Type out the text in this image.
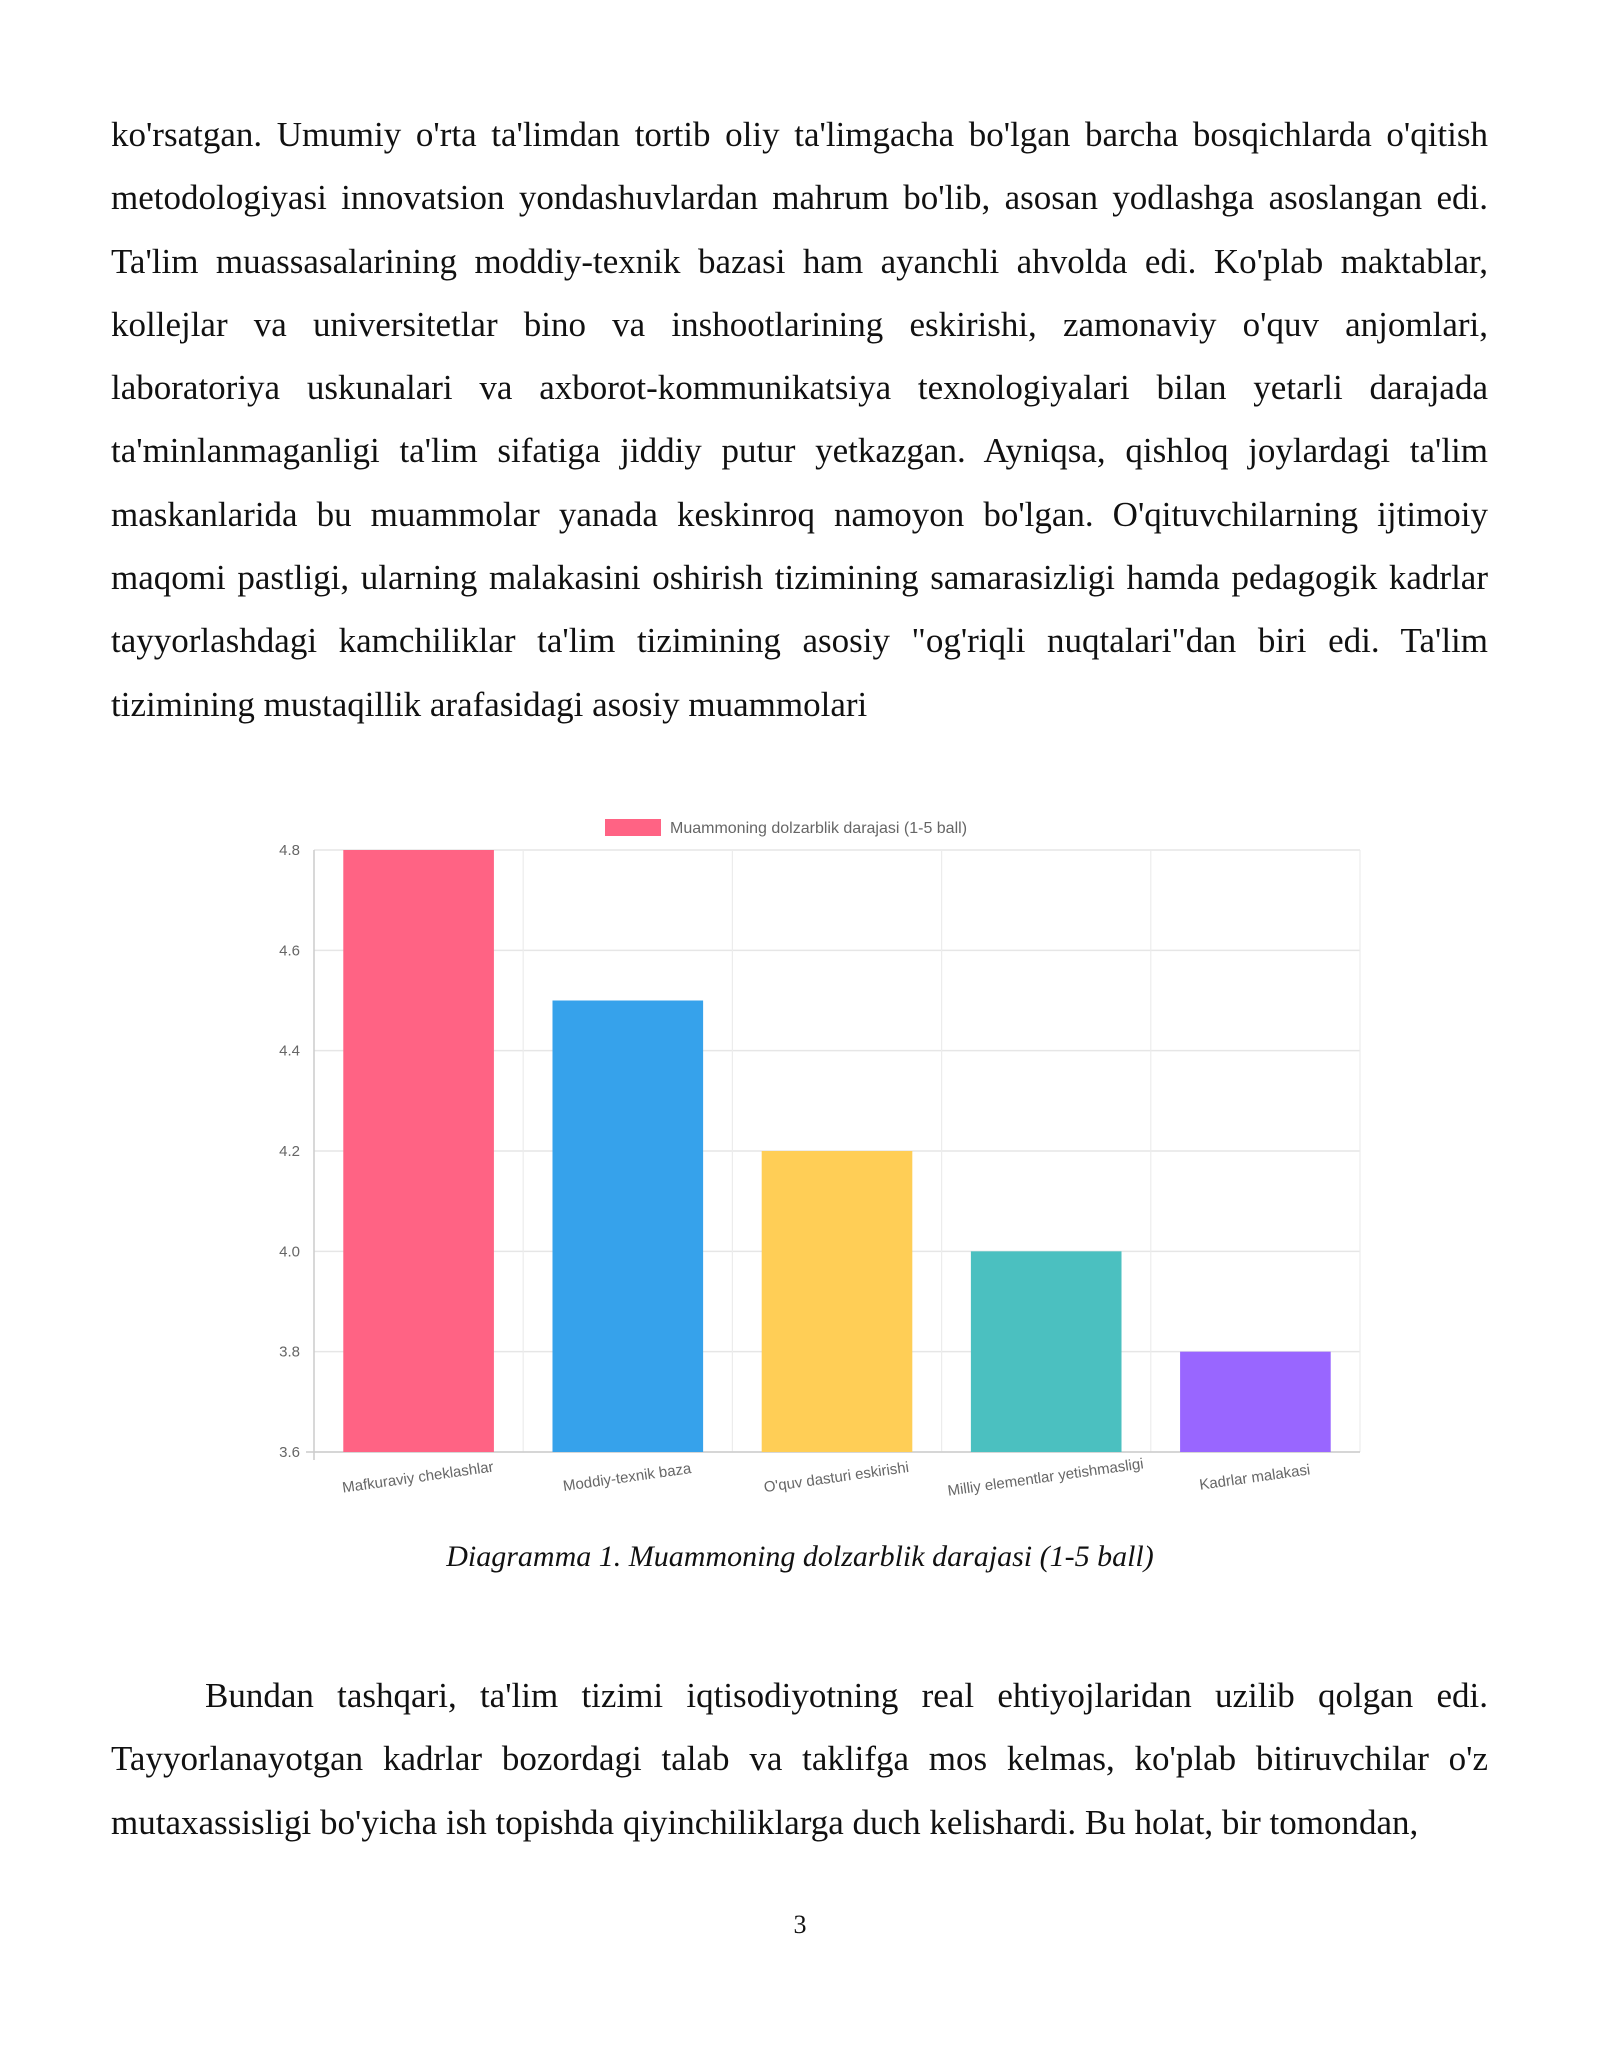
ko'rsatgan. Umumiy o'rta ta'limdan tortib oliy ta'limgacha bo'lgan barcha bosqichlarda o'qitish metodologiyasi innovatsion yondashuvlardan mahrum bo'lib, asosan yodlashga asoslangan edi. Ta'lim muassasalarining moddiy-texnik bazasi ham ayanchli ahvolda edi. Ko'plab maktablar, kollejlar va universitetlar bino va inshootlarining eskirishi, zamonaviy o'quv anjomlari, laboratoriya uskunalari va axborot-kommunikatsiya texnologiyalari bilan yetarli darajada ta'minlanmaganligi ta'lim sifatiga jiddiy putur yetkazgan. Ayniqsa, qishloq joylardagi ta'lim maskanlarida bu muammolar yanada keskinroq namoyon bo'lgan. O'qituvchilarning ijtimoiy maqomi pastligi, ularning malakasini oshirish tizimining samarasizligi hamda pedagogik kadrlar tayyorlashdagi kamchiliklar ta'lim tizimining asosiy "og'riqli nuqtalari"dan biri edi. Ta'lim tizimining mustaqillik arafasidagi asosiy muammolari

3.6
3.8
4.0
4.2
4.4
4.6
4.8
Mafkuraviy cheklashlar	Moddiy-texnik baza	O'quv dasturi eskirishi Milliy elementlar yetishmasligi	Kadrlar malakasi
Muammoning dolzarblik darajasi (1-5 ball)
Diagramma 1. Muammoning dolzarblik darajasi (1-5 ball)

Bundan tashqari, ta'lim tizimi iqtisodiyotning real ehtiyojlaridan uzilib qolgan edi. Tayyorlanayotgan kadrlar bozordagi talab va taklifga mos kelmas, ko'plab bitiruvchilar o'z mutaxassisligi bo'yicha ish topishda qiyinchiliklarga duch kelishardi. Bu holat, bir tomondan,

3
